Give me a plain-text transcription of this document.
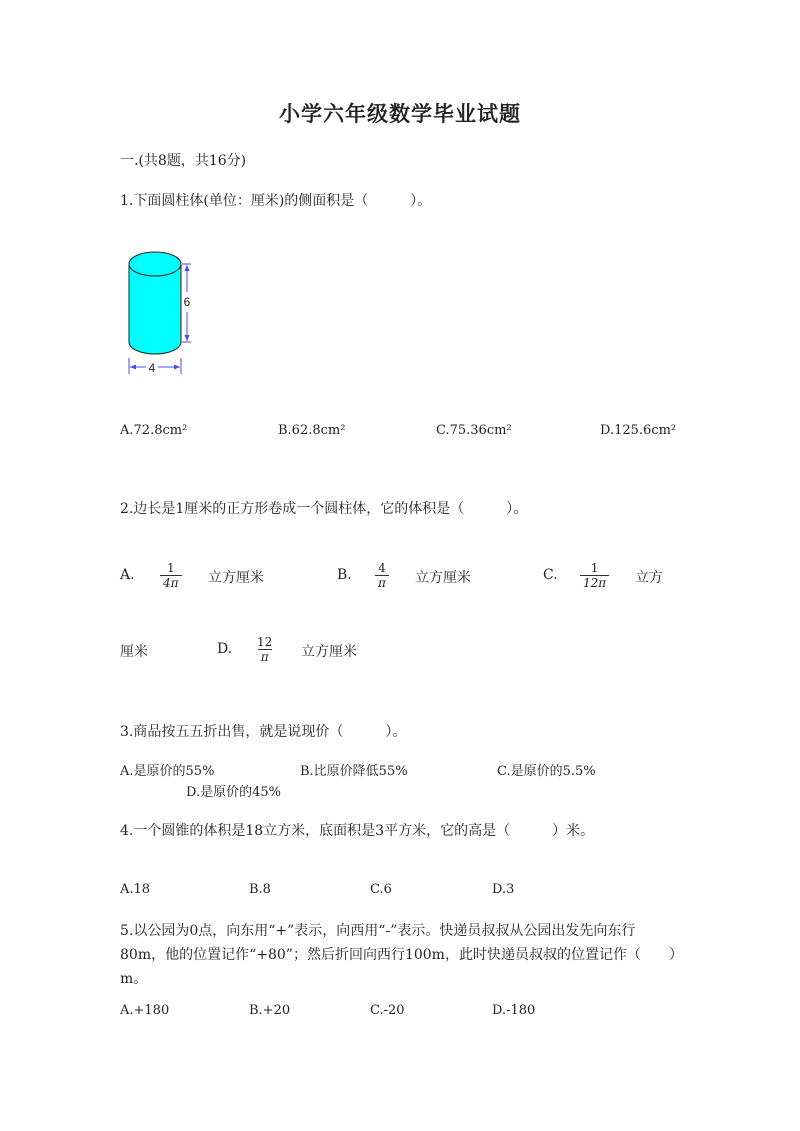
小学六年级数学毕业试题
一.(共8题，共16分)
1.下面圆柱体(单位：厘米)的侧面积是（　　　）。
6
4
A.72.8cm²	B.62.8cm²	C.75.36cm²	D.125.6cm²
2.边长是1厘米的正方形卷成一个圆柱体，它的体积是（　　　）。
A. $\frac{1}{4\pi}$ 立方厘米	B. $\frac{4}{\pi}$ 立方厘米	C. $\frac{1}{12\pi}$ 立方
厘米	D. $\frac{12}{\pi}$ 立方厘米
3.商品按五五折出售，就是说现价（　　　）。
A.是原价的55%	B.比原价降低55%	C.是原价的5.5%
D.是原价的45%
4.一个圆锥的体积是18立方米，底面积是3平方米，它的高是（　　　）米。
A.18	B.8	C.6	D.3
5.以公园为0点，向东用“+”表示，向西用“-”表示。快递员叔叔从公园出发先向东行80m，他的位置记作“+80”；然后折回向西行100m，此时快递员叔叔的位置记作（　　）m。
A.+180	B.+20	C.-20	D.-180
